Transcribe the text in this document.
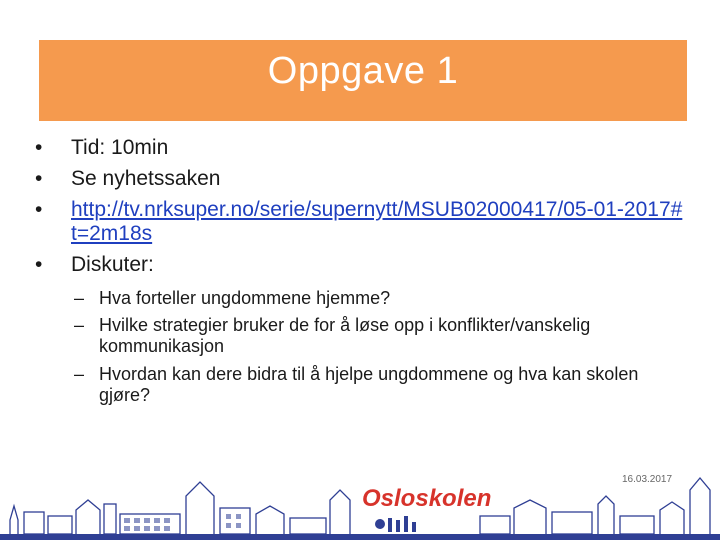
Oppgave 1

• Tid: 10min

• Se nyhetssaken

• http://tv.nrksuper.no/serie/supernytt/MSUB02000417/05-01-2017#t=2m18s

• Diskuter:

– Hva forteller ungdommene hjemme?

– Hvilke strategier bruker de for å løse opp i konflikter/vanskelig kommunikasjon

– Hvordan kan dere bidra til å hjelpe ungdommene og hva kan skolen gjøre?

16.03.2017
Osloskolen
